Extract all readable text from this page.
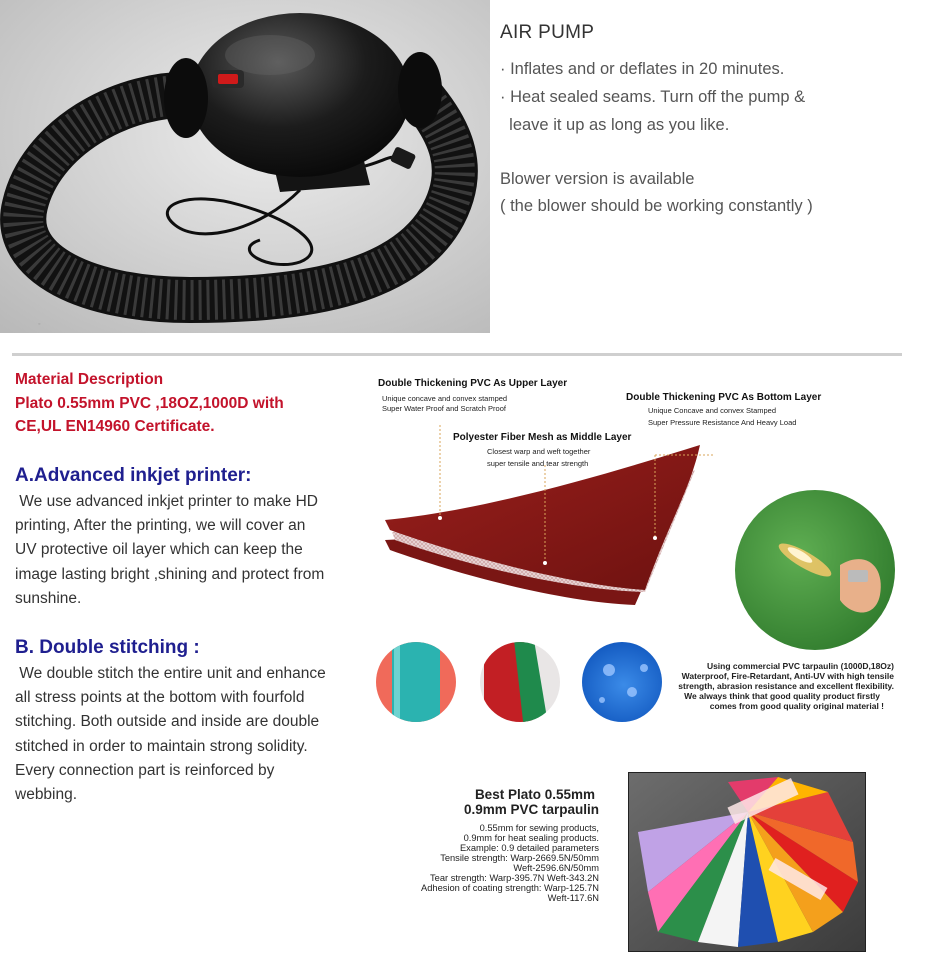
◦
AIR PUMP
· Inflates and or deflates in 20 minutes.
· Heat sealed seams. Turn off the pump &
leave it up as long as you like.
Blower version is available
( the blower should be working constantly )
Material Description
Plato 0.55mm PVC ,18OZ,1000D with
CE,UL EN14960 Certificate.
A.Advanced inkjet printer:
We use advanced inkjet printer to make HD
printing, After the printing, we will cover an
UV protective oil layer which can keep the
image lasting bright ,shining and protect from
sunshine.
B. Double stitching :
We double stitch the entire unit and enhance
all stress points at the bottom with fourfold
stitching. Both outside and inside are double
stitched in order to maintain strong solidity.
Every connection part is reinforced by
webbing.
Double Thickening PVC As Upper Layer
Unique concave and convex stamped
Super Water Proof and Scratch Proof
Double Thickening PVC As Bottom Layer
Unique Concave and convex Stamped
Super Pressure Resistance And Heavy Load
Polyester Fiber Mesh as Middle Layer
Closest warp and weft together
super tensile and tear strength
Using commercial PVC tarpaulin (1000D,18Oz)
Waterproof, Fire-Retardant, Anti-UV with high tensile
strength, abrasion resistance and excellent flexibility.
We always think that good quality product firstly
comes from good quality original material !
Best Plato 0.55mm
0.9mm PVC tarpaulin
0.55mm for sewing products,
0.9mm for heat sealing products.
Example: 0.9 detailed parameters
Tensile strength: Warp-2669.5N/50mm
Weft-2596.6N/50mm
Tear strength: Warp-395.7N Weft-343.2N
Adhesion of coating strength: Warp-125.7N
Weft-117.6N
